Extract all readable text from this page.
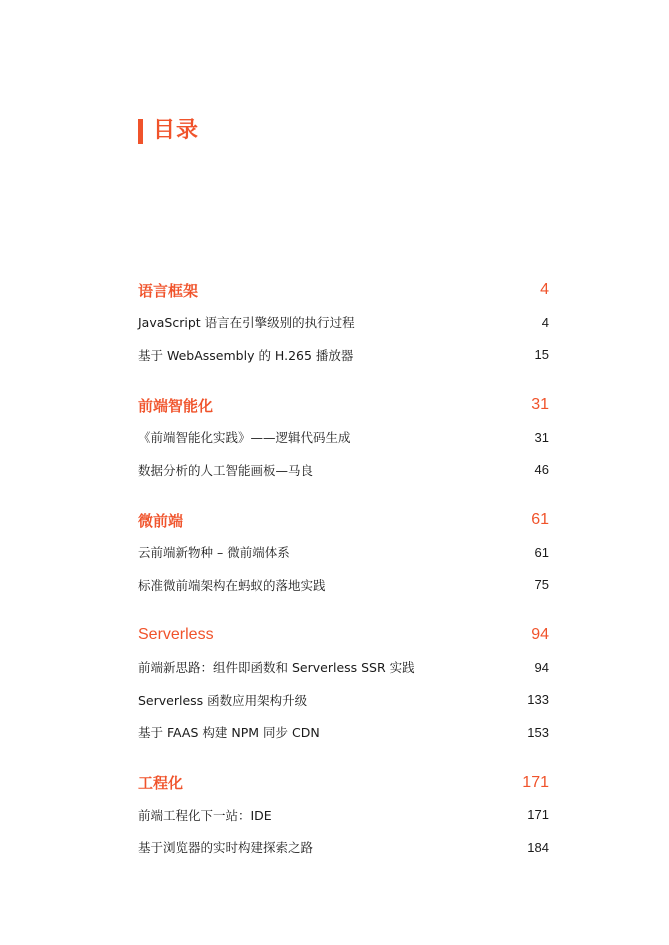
目录
语言框架	4
JavaScript 语言在引擎级别的执行过程	4
基于 WebAssembly 的 H.265 播放器	15
前端智能化	31
《前端智能化实践》——逻辑代码生成	31
数据分析的人工智能画板—马良	46
微前端	61
云前端新物种 – 微前端体系	61
标准微前端架构在蚂蚁的落地实践	75
Serverless	94
前端新思路：组件即函数和 Serverless SSR 实践	94
Serverless 函数应用架构升级	133
基于 FAAS 构建 NPM 同步 CDN	153
工程化	171
前端工程化下一站：IDE	171
基于浏览器的实时构建探索之路	184
